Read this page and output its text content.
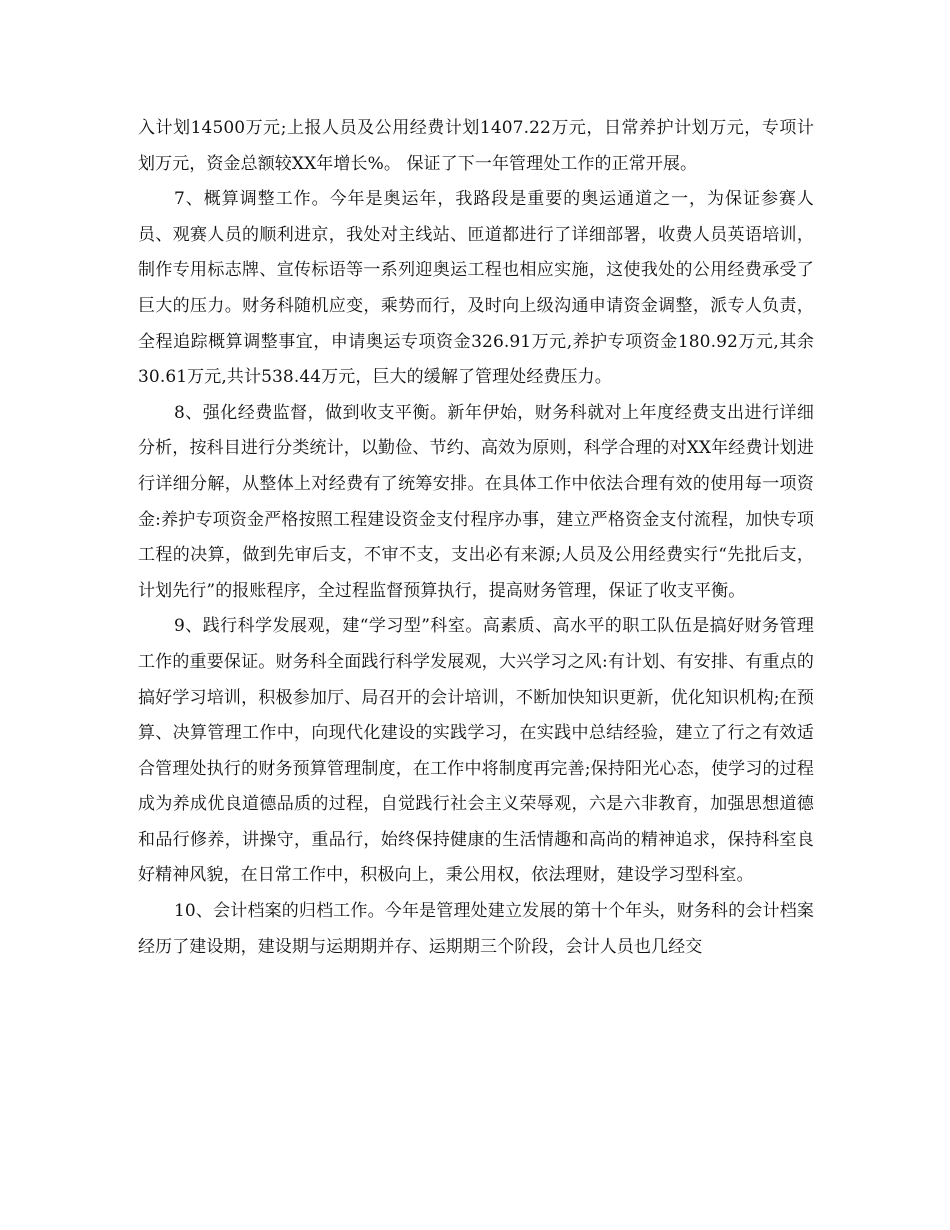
入计划14500万元;上报人员及公用经费计划1407.22万元，日常养护计划万元，专项计划万元，资金总额较XX年增长%。 保证了下一年管理处工作的正常开展。

7、概算调整工作。今年是奥运年，我路段是重要的奥运通道之一，为保证参赛人员、观赛人员的顺利进京，我处对主线站、匝道都进行了详细部署，收费人员英语培训，制作专用标志牌、宣传标语等一系列迎奥运工程也相应实施，这使我处的公用经费承受了巨大的压力。财务科随机应变，乘势而行，及时向上级沟通申请资金调整，派专人负责，全程追踪概算调整事宜，申请奥运专项资金326.91万元,养护专项资金180.92万元,其余30.61万元,共计538.44万元，巨大的缓解了管理处经费压力。

8、强化经费监督，做到收支平衡。新年伊始，财务科就对上年度经费支出进行详细分析，按科目进行分类统计，以勤俭、节约、高效为原则，科学合理的对XX年经费计划进行详细分解，从整体上对经费有了统筹安排。在具体工作中依法合理有效的使用每一项资金:养护专项资金严格按照工程建设资金支付程序办事，建立严格资金支付流程，加快专项工程的决算，做到先审后支，不审不支，支出必有来源;人员及公用经费实行“先批后支，计划先行”的报账程序，全过程监督预算执行，提高财务管理，保证了收支平衡。

9、践行科学发展观，建“学习型”科室。高素质、高水平的职工队伍是搞好财务管理工作的重要保证。财务科全面践行科学发展观，大兴学习之风:有计划、有安排、有重点的搞好学习培训，积极参加厅、局召开的会计培训，不断加快知识更新，优化知识机构;在预算、决算管理工作中，向现代化建设的实践学习，在实践中总结经验，建立了行之有效适合管理处执行的财务预算管理制度，在工作中将制度再完善;保持阳光心态，使学习的过程成为养成优良道德品质的过程，自觉践行社会主义荣辱观，六是六非教育，加强思想道德和品行修养，讲操守，重品行，始终保持健康的生活情趣和高尚的精神追求，保持科室良好精神风貌，在日常工作中，积极向上，秉公用权，依法理财，建设学习型科室。

10、会计档案的归档工作。今年是管理处建立发展的第十个年头，财务科的会计档案经历了建设期，建设期与运期期并存、运期期三个阶段，会计人员也几经交
